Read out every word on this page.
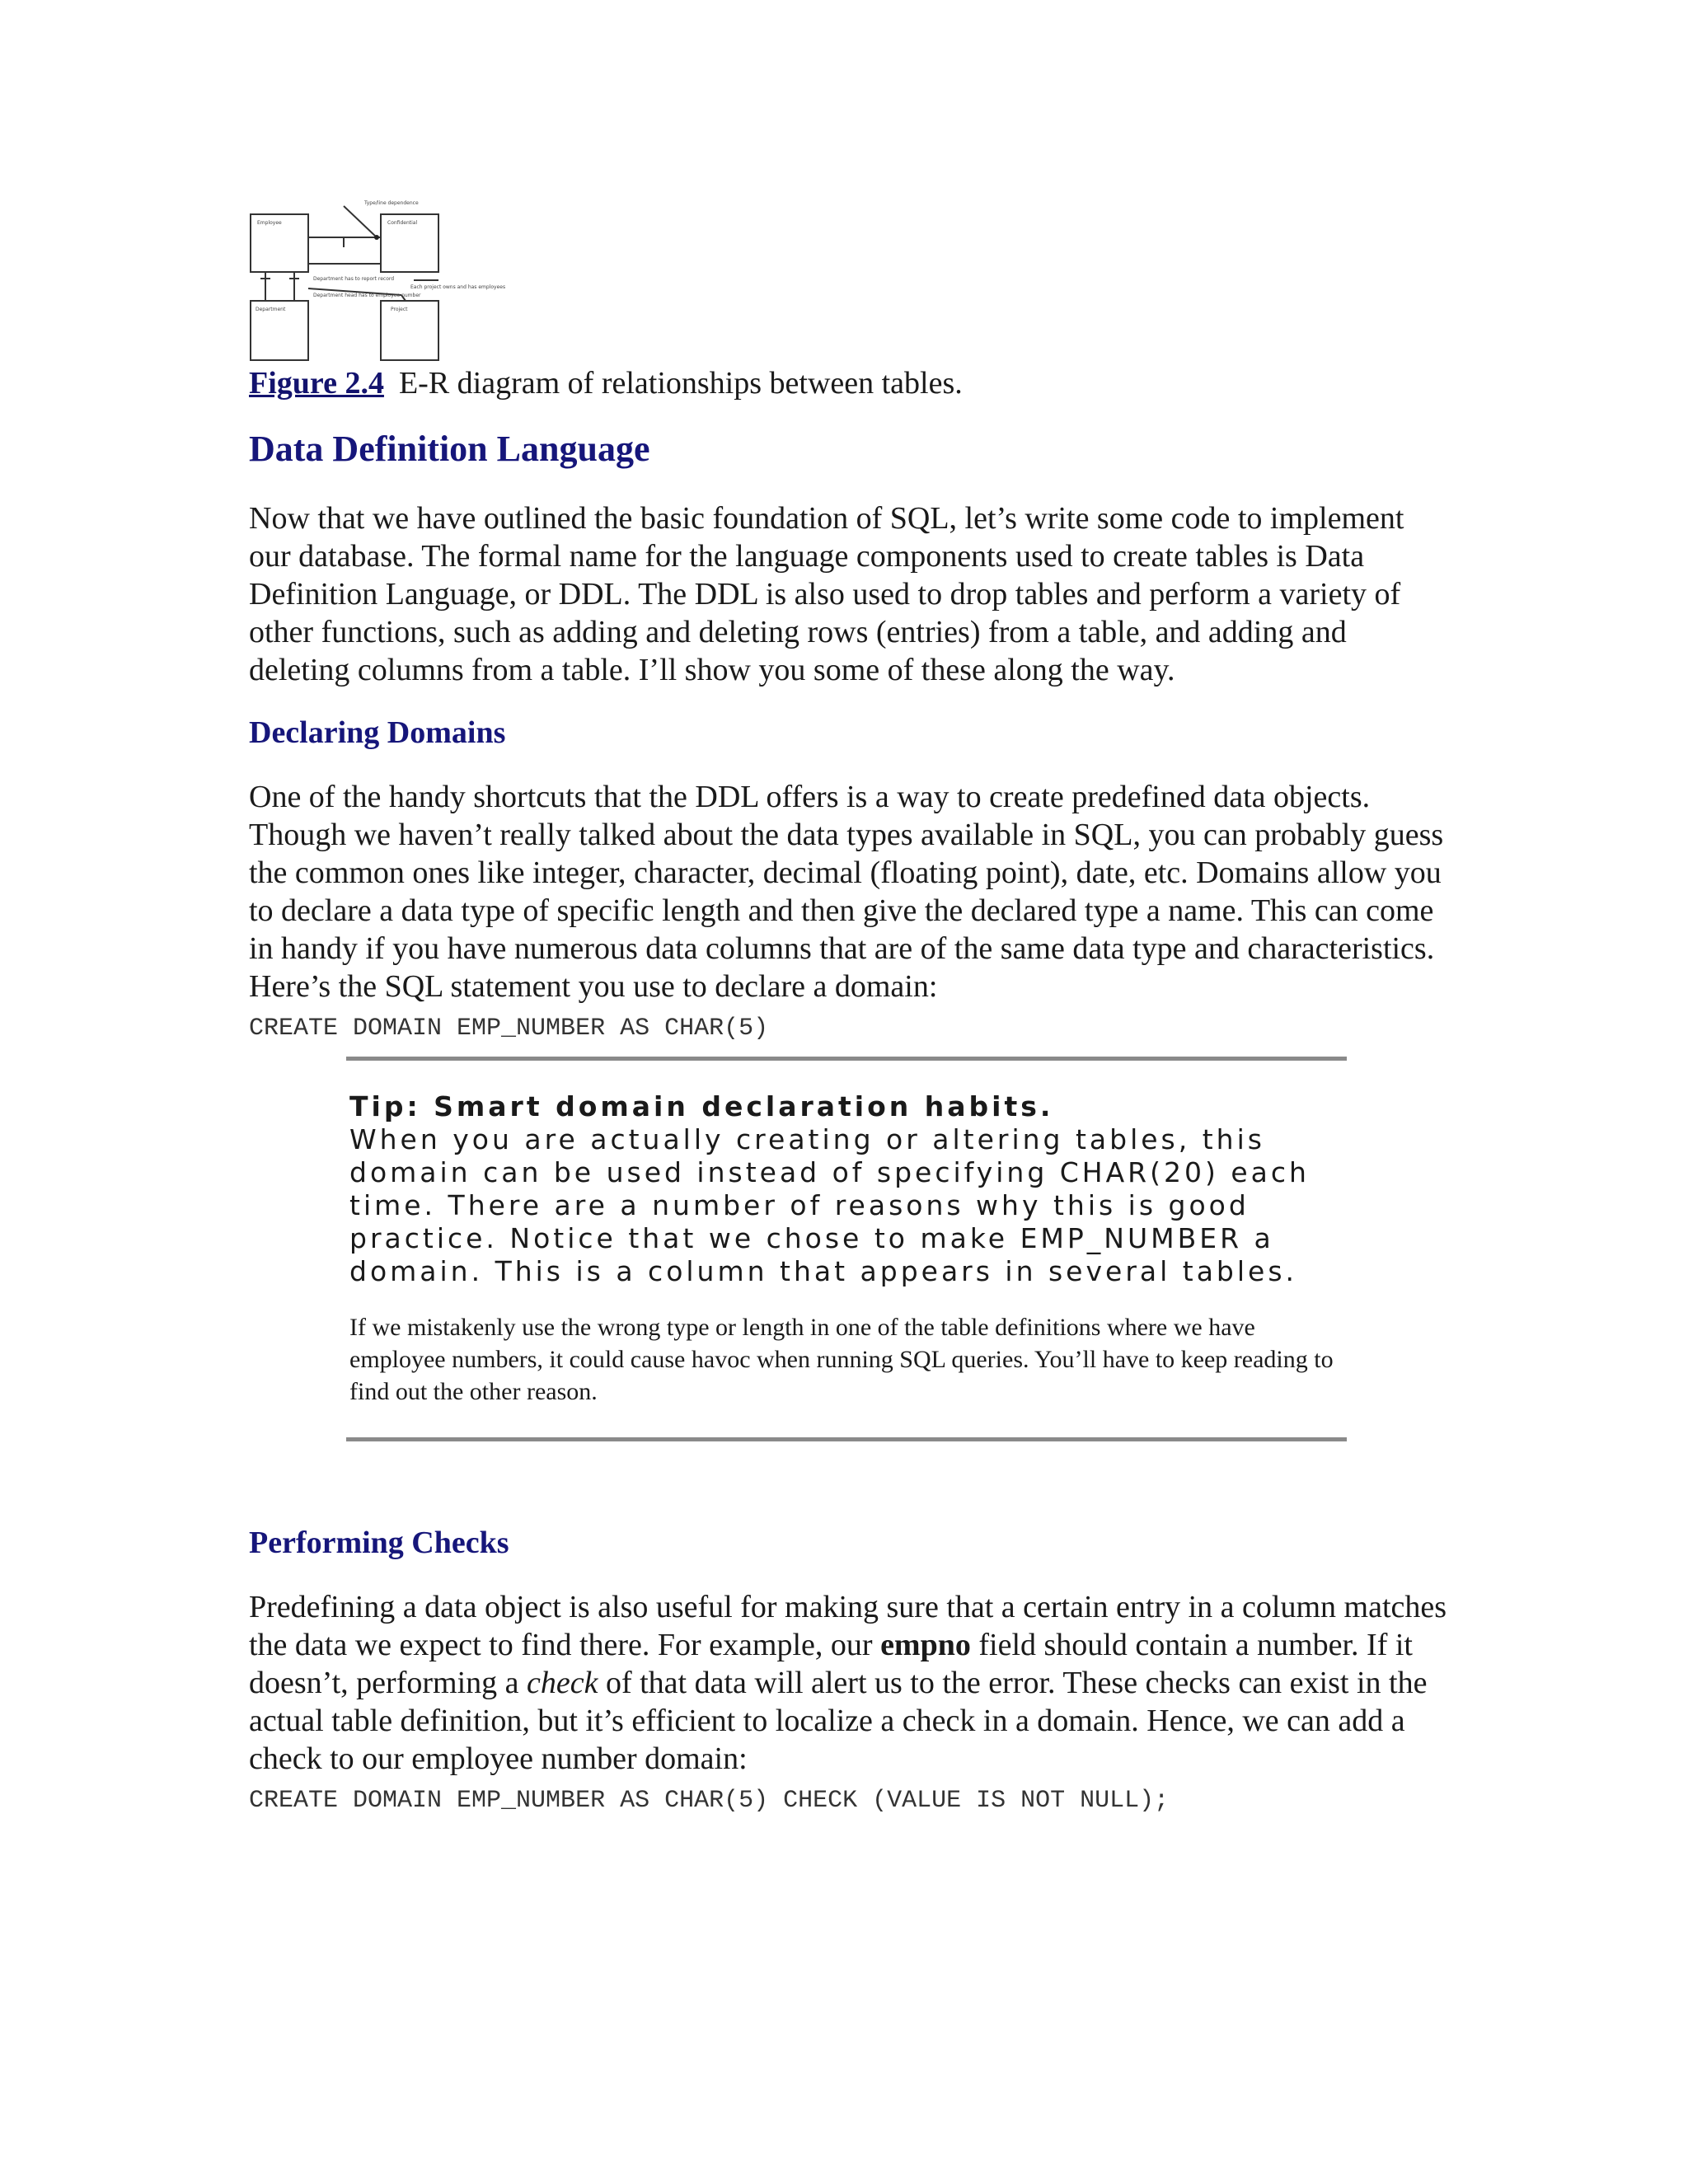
Employee	Confidential
Department	Project
Type/line dependence
Department has to report record
Department head has to employee number
Each project owns and has employees
Figure 2.4 E-R diagram of relationships between tables.
Data Definition Language

Now that we have outlined the basic foundation of SQL, let’s write some code to implement our database. The formal name for the language components used to create tables is Data Definition Language, or DDL. The DDL is also used to drop tables and perform a variety of other functions, such as adding and deleting rows (entries) from a table, and adding and deleting columns from a table. I’ll show you some of these along the way.

Declaring Domains

One of the handy shortcuts that the DDL offers is a way to create predefined data objects. Though we haven’t really talked about the data types available in SQL, you can probably guess the common ones like integer, character, decimal (floating point), date, etc. Domains allow you to declare a data type of specific length and then give the declared type a name. This can come in handy if you have numerous data columns that are of the same data type and characteristics. Here’s the SQL statement you use to declare a domain:

CREATE DOMAIN EMP_NUMBER AS CHAR(5)

Tip: Smart domain declaration habits.

When you are actually creating or altering tables, this domain can be used instead of specifying CHAR(20) each time. There are a number of reasons why this is good practice. Notice that we chose to make EMP_NUMBER a domain. This is a column that appears in several tables.

If we mistakenly use the wrong type or length in one of the table definitions where we have employee numbers, it could cause havoc when running SQL queries. You’ll have to keep reading to find out the other reason.

Performing Checks

Predefining a data object is also useful for making sure that a certain entry in a column matches the data we expect to find there. For example, our empno field should contain a number. If it doesn’t, performing a check of that data will alert us to the error. These checks can exist in the actual table definition, but it’s efficient to localize a check in a domain. Hence, we can add a check to our employee number domain:

CREATE DOMAIN EMP_NUMBER AS CHAR(5) CHECK (VALUE IS NOT NULL);
